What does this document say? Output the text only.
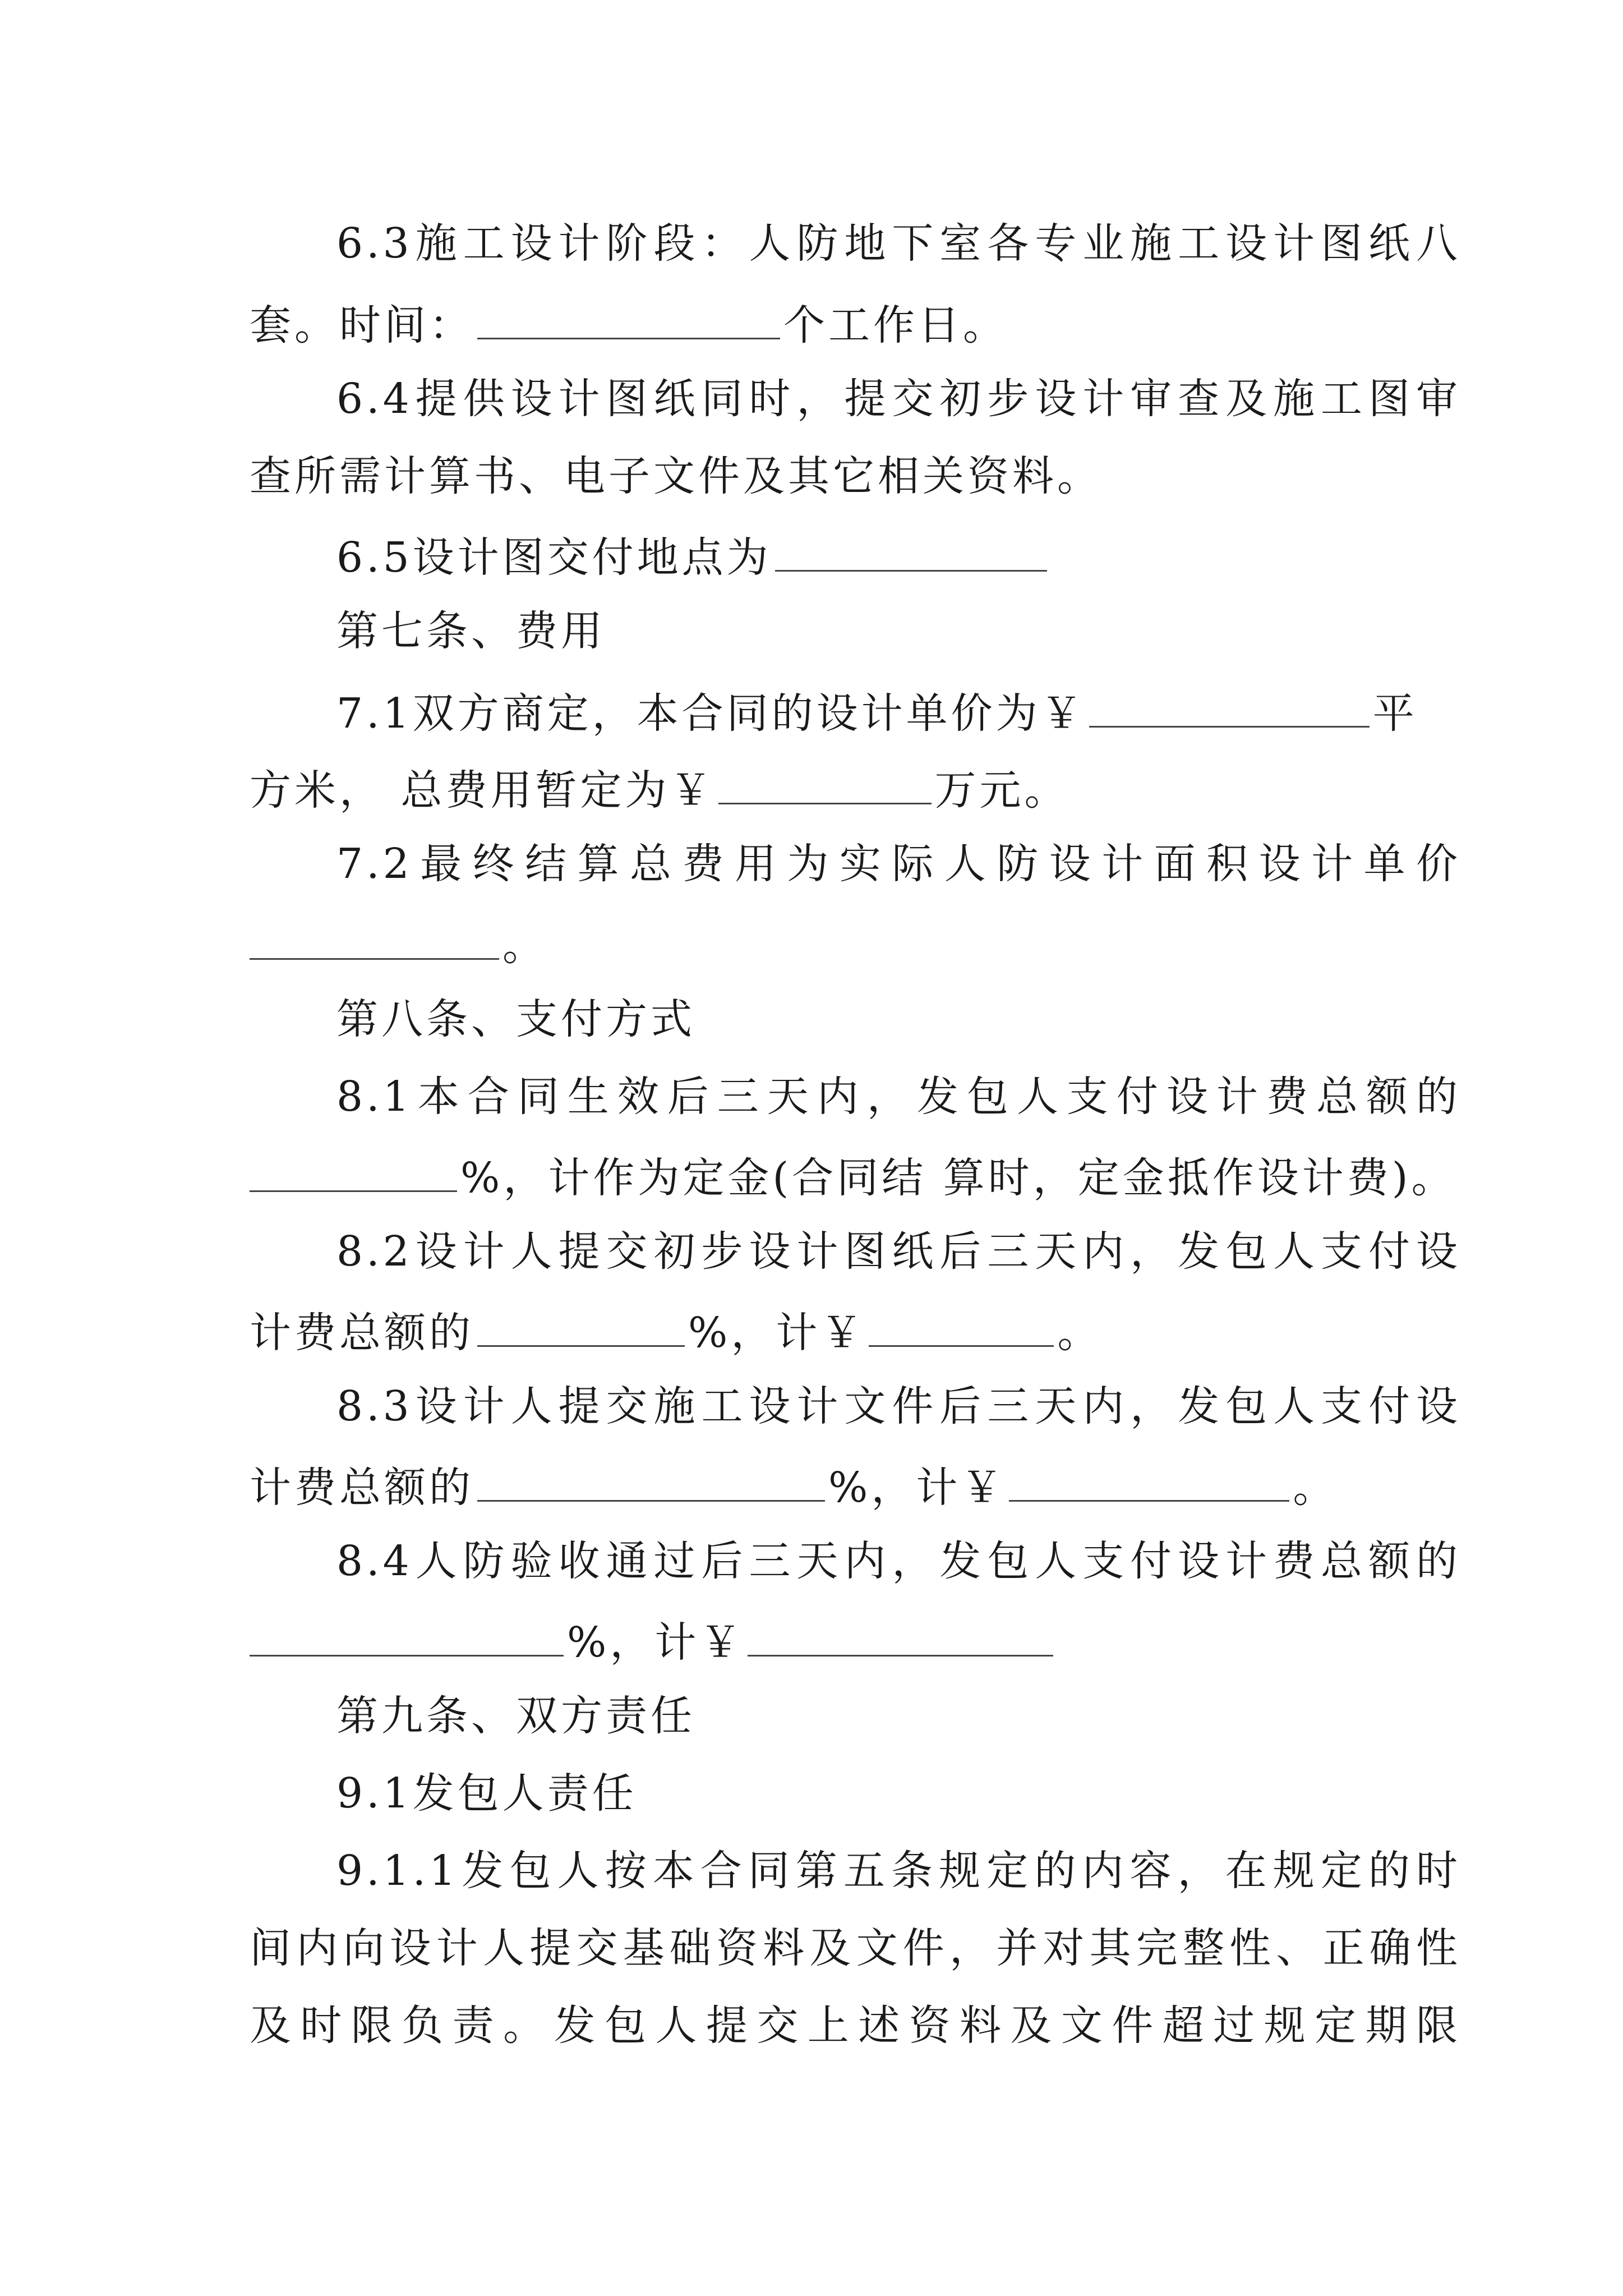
6.3施工设计阶段：人防地下室各专业施工设计图纸八
套。时间：	个工作日。
6.4提供设计图纸同时，提交初步设计审查及施工图审
查所需计算书、电子文件及其它相关资料。
6.5设计图交付地点为
第七条、费用
7.1双方商定，本合同的设计单价为￥	平
方米， 总费用暂定为￥	万元。
7.2最终结算总费用为实际人防设计面积设计单价
。
第八条、支付方式
8.1本合同生效后三天内，发包人支付设计费总额的
%，计作为定金(合同结 算时，定金抵作设计费)。
8.2设计人提交初步设计图纸后三天内，发包人支付设
计费总额的	%，计￥	。
8.3设计人提交施工设计文件后三天内，发包人支付设
计费总额的	%，计￥	。
8.4人防验收通过后三天内，发包人支付设计费总额的
%，计￥
第九条、双方责任
9.1发包人责任
9.1.1发包人按本合同第五条规定的内容，在规定的时
间内向设计人提交基础资料及文件，并对其完整性、正确性
及时限负责。发包人提交上述资料及文件超过规定期限
